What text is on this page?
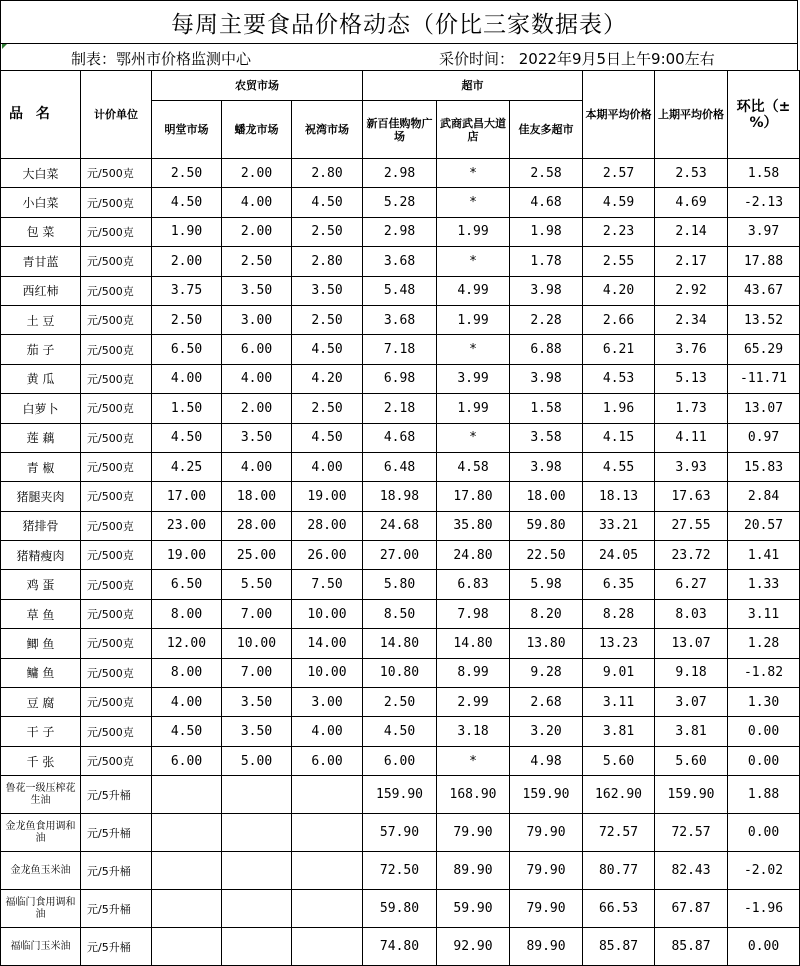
每周主要食品价格动态（价比三家数据表）
制表：鄂州市价格监测中心	采价时间： 2022年9月5日上午9:00左右
品 名	计价单位	农贸市场			超市			本期平均价格	上期平均价格	环比（±%）
		明堂市场	蟠龙市场	祝湾市场	新百佳购物广场	武商武昌大道店	佳友多超市			
大白菜	元/500克	2.50	2.00	2.80	2.98	*	2.58	2.57	2.53	1.58
小白菜	元/500克	4.50	4.00	4.50	5.28	*	4.68	4.59	4.69	-2.13
包 菜	元/500克	1.90	2.00	2.50	2.98	1.99	1.98	2.23	2.14	3.97
青甘蓝	元/500克	2.00	2.50	2.80	3.68	*	1.78	2.55	2.17	17.88
西红柿	元/500克	3.75	3.50	3.50	5.48	4.99	3.98	4.20	2.92	43.67
土 豆	元/500克	2.50	3.00	2.50	3.68	1.99	2.28	2.66	2.34	13.52
茄 子	元/500克	6.50	6.00	4.50	7.18	*	6.88	6.21	3.76	65.29
黄 瓜	元/500克	4.00	4.00	4.20	6.98	3.99	3.98	4.53	5.13	-11.71
白萝卜	元/500克	1.50	2.00	2.50	2.18	1.99	1.58	1.96	1.73	13.07
莲 藕	元/500克	4.50	3.50	4.50	4.68	*	3.58	4.15	4.11	0.97
青 椒	元/500克	4.25	4.00	4.00	6.48	4.58	3.98	4.55	3.93	15.83
猪腿夹肉	元/500克	17.00	18.00	19.00	18.98	17.80	18.00	18.13	17.63	2.84
猪排骨	元/500克	23.00	28.00	28.00	24.68	35.80	59.80	33.21	27.55	20.57
猪精瘦肉	元/500克	19.00	25.00	26.00	27.00	24.80	22.50	24.05	23.72	1.41
鸡 蛋	元/500克	6.50	5.50	7.50	5.80	6.83	5.98	6.35	6.27	1.33
草 鱼	元/500克	8.00	7.00	10.00	8.50	7.98	8.20	8.28	8.03	3.11
鲫 鱼	元/500克	12.00	10.00	14.00	14.80	14.80	13.80	13.23	13.07	1.28
鳙 鱼	元/500克	8.00	7.00	10.00	10.80	8.99	9.28	9.01	9.18	-1.82
豆 腐	元/500克	4.00	3.50	3.00	2.50	2.99	2.68	3.11	3.07	1.30
干 子	元/500克	4.50	3.50	4.00	4.50	3.18	3.20	3.81	3.81	0.00
千 张	元/500克	6.00	5.00	6.00	6.00	*	4.98	5.60	5.60	0.00
鲁花一级压榨花生油	元/5升桶				159.90	168.90	159.90	162.90	159.90	1.88
金龙鱼食用调和油	元/5升桶				57.90	79.90	79.90	72.57	72.57	0.00
金龙鱼玉米油	元/5升桶				72.50	89.90	79.90	80.77	82.43	-2.02
福临门食用调和油	元/5升桶				59.80	59.90	79.90	66.53	67.87	-1.96
福临门玉米油	元/5升桶				74.80	92.90	89.90	85.87	85.87	0.00
